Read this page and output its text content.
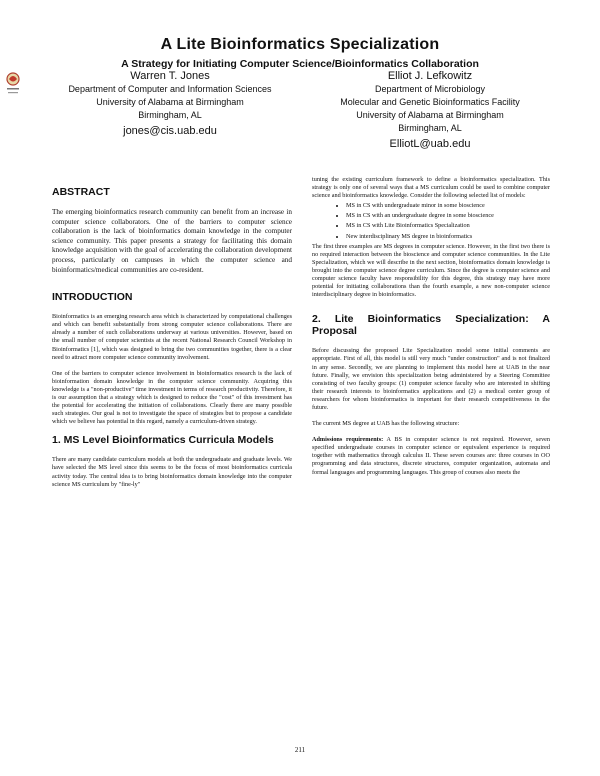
A Lite Bioinformatics Specialization
A Strategy for Initiating Computer Science/Bioinformatics Collaboration
Warren T. Jones
Department of Computer and Information Sciences
University of Alabama at Birmingham
Birmingham, AL
jones@cis.uab.edu
Elliot J. Lefkowitz
Department of Microbiology
Molecular and Genetic Bioinformatics Facility
University of Alabama at Birmingham
Birmingham, AL
ElliotL@uab.edu
ABSTRACT

The emerging bioinformatics research community can benefit from an increase in computer science collaborators. One of the barriers to computer science collaboration is the lack of bioinformatics domain knowledge in the computer science community. This paper presents a strategy for facilitating this domain knowledge acquisition with the goal of accelerating the collaboration development process, particularly on campuses in which the computer science and bioinformatics/medical communities are co-resident.

INTRODUCTION

Bioinformatics is an emerging research area which is characterized by computational challenges and which can benefit substantially from strong computer science collaborations. There are already a number of such collaborations underway at various universities. However, based on the small number of computer scientists at the recent National Research Council Workshop in Bioinformatics [1], which was designed to bring the two communities together, there is a clear need to attract more computer science community involvement.

One of the barriers to computer science involvement in bioinformatics research is the lack of bioinformation domain knowledge in the computer science community. Acquiring this knowledge is a "non-productive" time investment in terms of research productivity. Therefore, it is our assumption that a strategy which is designed to reduce the "cost" of this investment has the potential for accelerating the initiation of collaborations. Clearly there are many possible such strategies. Our goal is not to investigate the space of strategies but to propose a candidate which we believe has potential in this regard, namely a curriculum-driven strategy.

1. MS Level Bioinformatics Curricula Models

There are many candidate curriculum models at both the undergraduate and graduate levels. We have selected the MS level since this seems to be the focus of most bioinformatics curricula activity today. The central idea is to bring bioinformatics domain knowledge into the computer science MS curriculum by "fine-ly"

tuning the existing curriculum framework to define a bioinformatics specialization. This strategy is only one of several ways that a MS curriculum could be used to combine computer science and bioinformatics knowledge. Consider the following selected list of models:

• MS in CS with undergraduate minor in some bioscience
• MS in CS with an undergraduate degree in some bioscience
• MS in CS with Lite Bioinformatics Specialization
• New interdisciplinary MS degree in bioinformatics

The first three examples are MS degrees in computer science. However, in the first two there is no required interaction between the bioscience and computer science communities. In the Lite Specialization, which we will describe in the next section, bioinformatics domain knowledge is brought into the computer science degree curriculum. Since the degree is computer science and computer science faculty have responsibility for this degree, this strategy may have more potential for initiating collaborations than the fourth example, a new non-computer science interdisciplinary degree in bioinformatics.

2. Lite Bioinformatics Specialization: A Proposal

Before discussing the proposed Lite Specialization model some initial comments are appropriate. First of all, this model is still very much "under construction" and is not finalized in any sense. Secondly, we are planning to implement this model here at UAB in the near future. Finally, we envision this specialization being administered by a Steering Committee consisting of two faculty groups: (1) computer science faculty who are interested in shifting their research interests to bioinformatics applications and (2) a medical center group of researchers for whom bioinformatics is important for their research competitiveness in the future.

The current MS degree at UAB has the following structure:

Admissions requirements: A BS in computer science is not required. However, seven specified undergraduate courses in computer science or equivalent experience is required together with mathematics through calculus II. These seven courses are: three courses in OO programming and data structures, discrete structures, computer organization, automata and formal languages and programming languages. This group of courses also meets the

211
